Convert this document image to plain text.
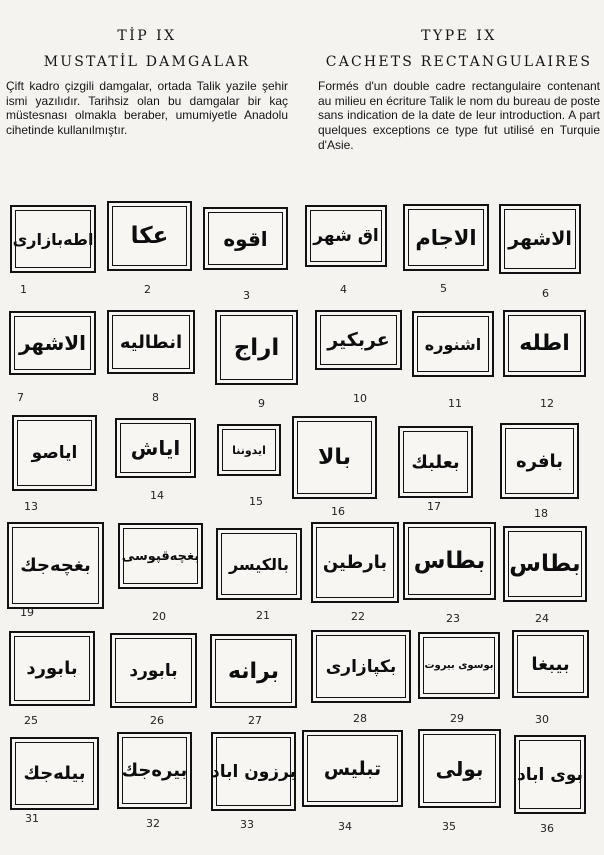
TİP IX
MUSTATİL DAMGALAR

Çift kadro çizgili damgalar, ortada Talik yazile şehir ismi yazılıdır. Tarihsiz olan bu damgalar bir kaç müstesnası olmakla beraber, umumiyetle Anadolu cihetinde kullanılmıştır.

TYPE IX
CACHETS RECTANGULAIRES

Formés d'un double cadre rectangulaire contenant au milieu en écriture Talik le nom du bureau de poste sans indication de la date de leur introduction. A part quelques exceptions ce type fut utilisé en Turquie d'Asie.

اطه‌بازاری
1
عكا
2
اقوه
3
اق شهر
4
الاجام
5
الاشهر
6
الاشهر
7
انطالیه
8
اراج
9
عربكیر
10
اشنوره
11
اطله
12
ایاصو
13
ایاش
14
ایدوننا
15
بالا
16
بعلبك
17
بافره
18
بغچه‌جك
19
بغچه‌قپوسی
20
بالكیسر
21
بارطین
22
بطاس
23
بطاس
24
بابورد
25
بابورد
26
برانه
27
بكپازاری
28
بوسوی بیروت
29
بیبغا
30
بیله‌جك
31
بیره‌جك
32
برزون اباد
33
تبلیس
34
بولی
35
بوی اباد
36
